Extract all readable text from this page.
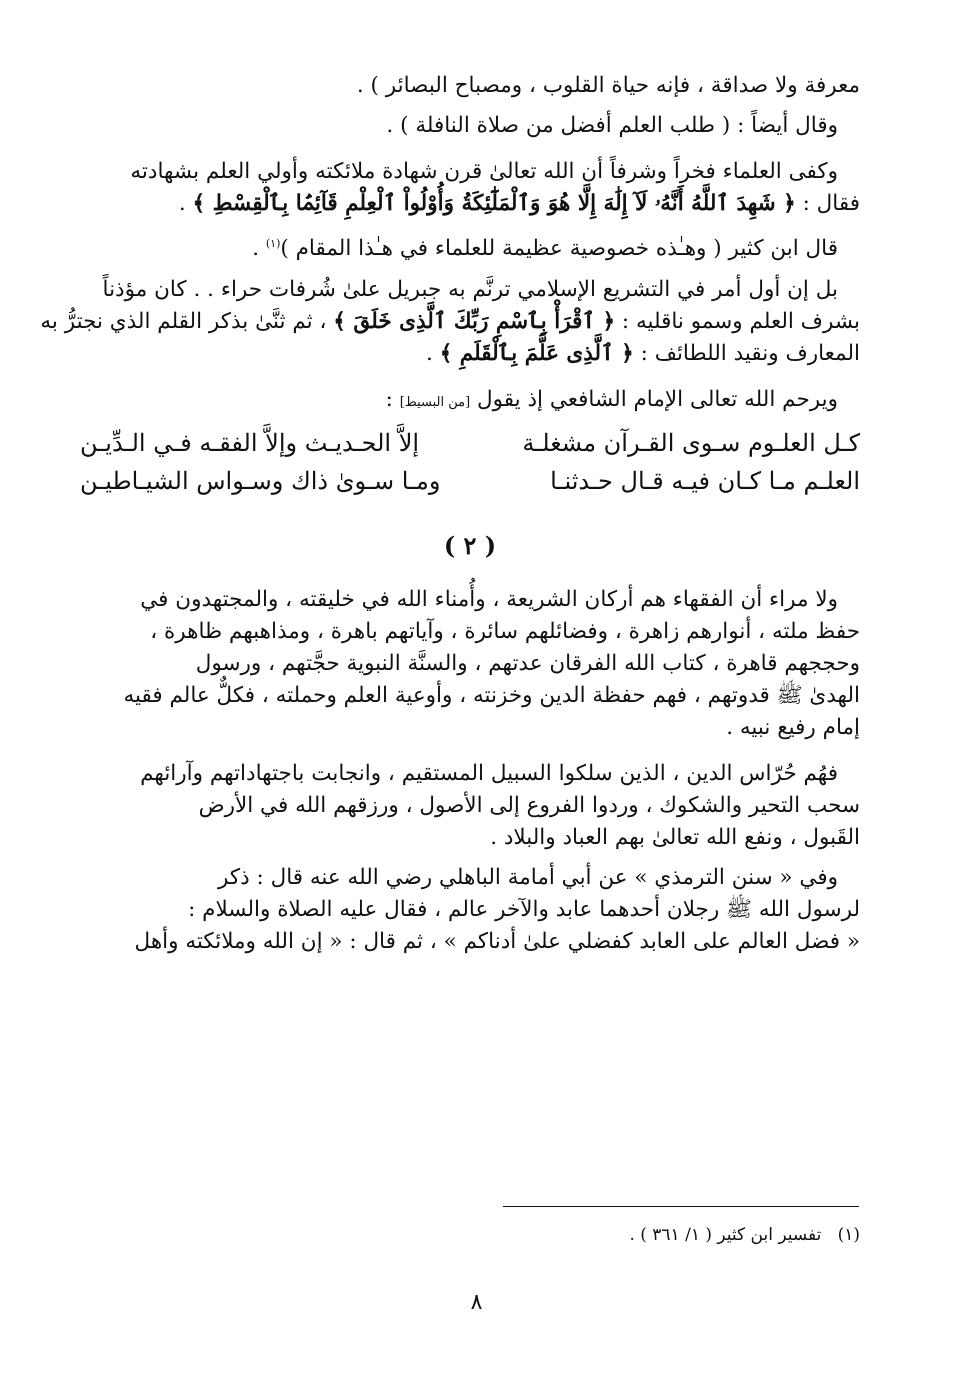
معرفة ولا صداقة ، فإنه حياة القلوب ، ومصباح البصائر ) .
وقال أيضاً : ( طلب العلم أفضل من صلاة النافلة ) .
وكفى العلماء فخراً وشرفاً أن الله تعالىٰ قرن شهادة ملائكته وأولي العلم بشهادته
فقال : ﴿ شَهِدَ ٱللَّهُ أَنَّهُۥ لَآ إِلَٰهَ إِلَّا هُوَ وَٱلْمَلَٰٓئِكَةُ وَأُوْلُواْ ٱلْعِلْمِ قَآئِمَۢا بِٱلْقِسْطِ ﴾ .
قال ابن كثير ( وهـٰذه خصوصية عظيمة للعلماء في هـٰذا المقام )$^{(١)}$ .
بل إن أول أمر في التشريع الإسلامي ترنَّم به جبريل علىٰ شُرفات حراء . . كان مؤذناً
بشرف العلم وسمو ناقليه : ﴿ ٱقْرَأْ بِٱسْمِ رَبِّكَ ٱلَّذِى خَلَقَ ﴾ ، ثم ثنَّىٰ بذكر القلم الذي نجترُّ به
المعارف ونقيد اللطائف : ﴿ ٱلَّذِى عَلَّمَ بِٱلْقَلَمِ ﴾ .
ويرحم الله تعالى الإمام الشافعي إذ يقول [من البسيط] :
كـل العلـوم سـوى القـرآن مشغلـة
إلاَّ الحـديـث وإلاَّ الفقـه فـي الـدِّيـن
العلـم مـا كـان فيـه قـال حـدثنـا
ومـا سـوىٰ ذاك وسـواس الشيـاطيـن
( ٢ )
ولا مراء أن الفقهاء هم أركان الشريعة ، وأُمناء الله في خليقته ، والمجتهدون في
حفظ ملته ، أنوارهم زاهرة ، وفضائلهم سائرة ، وآياتهم باهرة ، ومذاهبهم ظاهرة ،
وحججهم قاهرة ، كتاب الله الفرقان عدتهم ، والسنَّة النبوية حجَّتهم ، ورسول
الهدىٰ ﷺ قدوتهم ، فهم حفظة الدين وخزنته ، وأوعية العلم وحملته ، فكلٌّ عالم فقيه
إمام رفيع نبيه .
فهُم حُرّاس الدين ، الذين سلكوا السبيل المستقيم ، وانجابت باجتهاداتهم وآرائهم
سحب التحير والشكوك ، وردوا الفروع إلى الأصول ، ورزقهم الله في الأرض
القَبول ، ونفع الله تعالىٰ بهم العباد والبلاد .
وفي « سنن الترمذي » عن أبي أمامة الباهلي رضي الله عنه قال : ذكر
لرسول الله ﷺ رجلان أحدهما عابد والآخر عالم ، فقال عليه الصلاة والسلام :
« فضل العالم على العابد كفضلي علىٰ أدناكم » ، ثم قال : « إن الله وملائكته وأهل
(١)   تفسير ابن كثير ( ١/ ٣٦١ ) .
٨
